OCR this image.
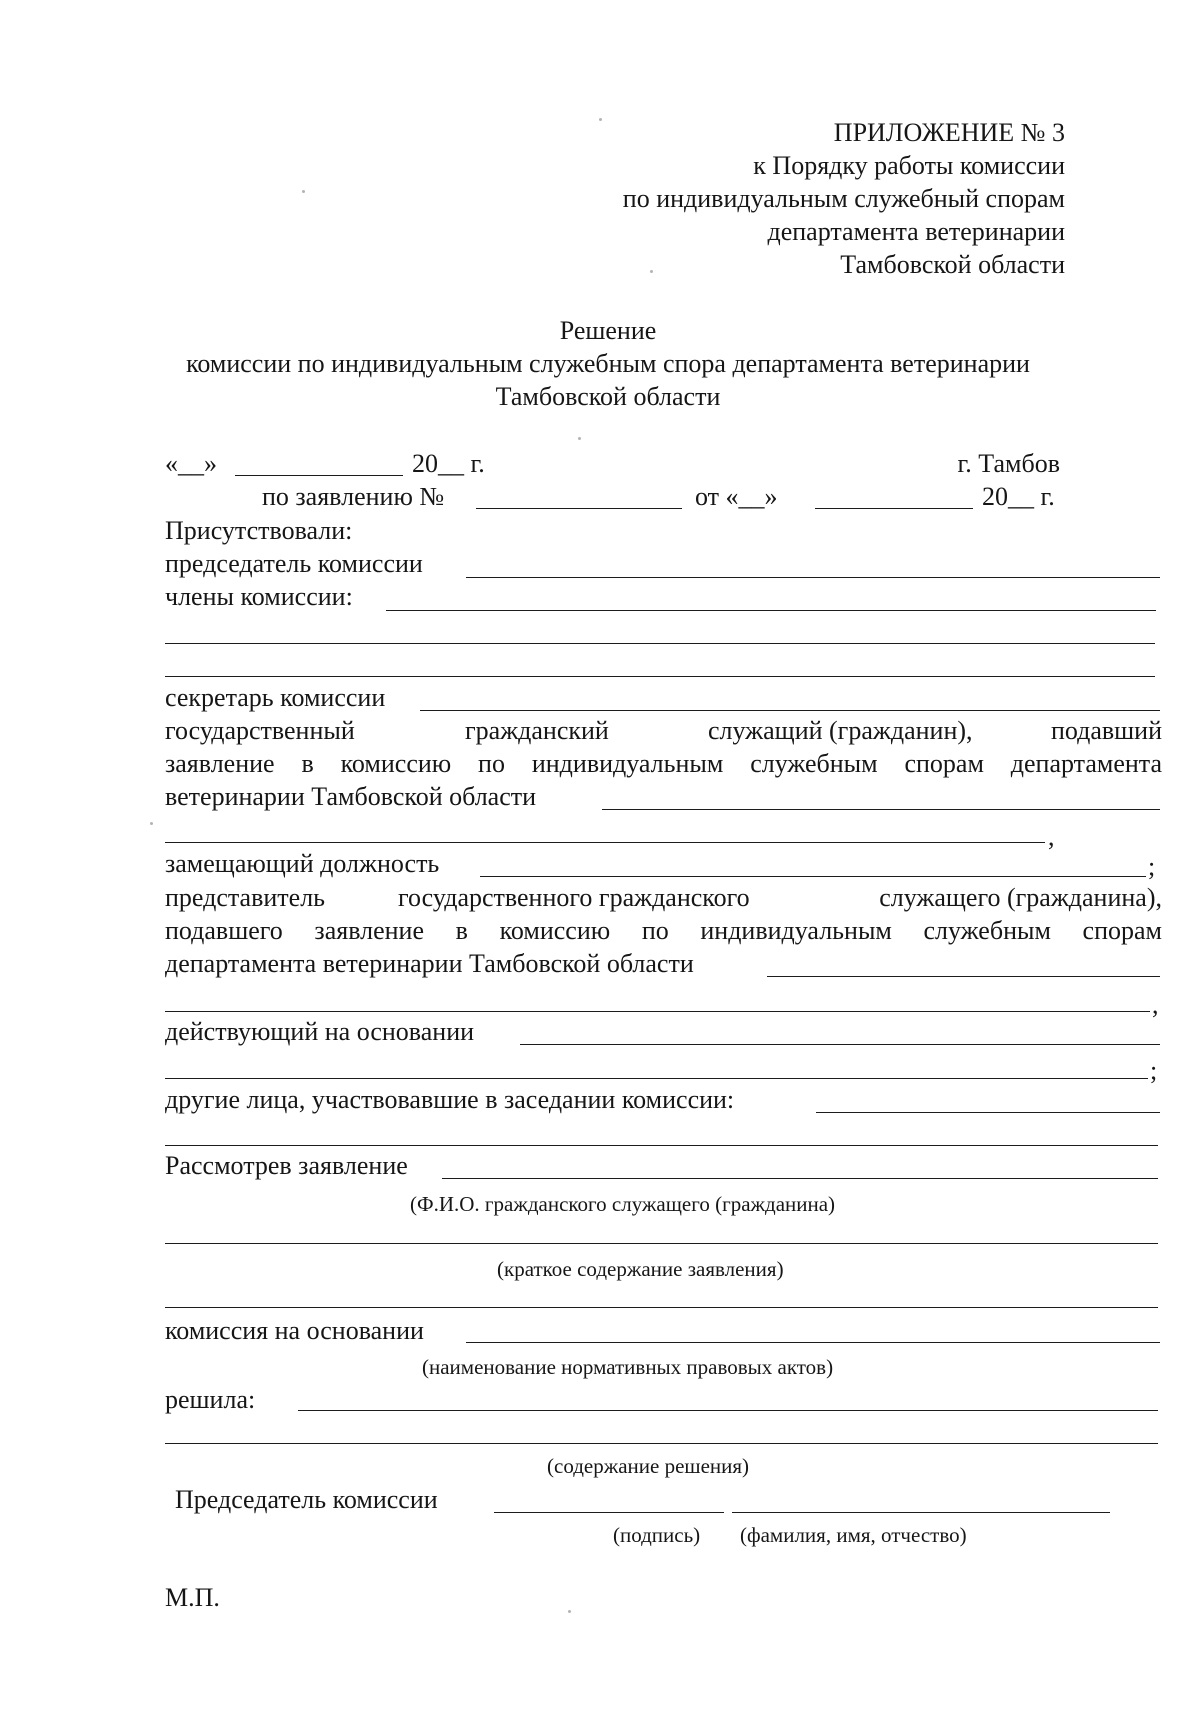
ПРИЛОЖЕНИЕ № 3
к Порядку работы комиссии
по индивидуальным служебный спорам
департамента ветеринарии
Тамбовской области
Решение
комиссии по индивидуальным служебным спора департамента ветеринарии
Тамбовской области
«__»	20__ г.	г. Тамбов
по заявлению №	от «__»	20__ г.
Присутствовали:
председатель комиссии
члены комиссии:
секретарь комиссии
государственный	гражданский	служащий (гражданин),	подавший
заявление в комиссию по индивидуальным служебным спорам департамента
ветеринарии Тамбовской области
,
замещающий должность	;
представитель	государственного гражданского	служащего (гражданина),
подавшего заявление в комиссию по индивидуальным служебным спорам
департамента ветеринарии Тамбовской области
,
действующий на основании
;
другие лица, участвовавшие в заседании комиссии:
Рассмотрев заявление
(Ф.И.О. гражданского служащего (гражданина)
(краткое содержание заявления)
комиссия на основании
(наименование нормативных правовых актов)
решила:
(содержание решения)
Председатель комиссии
(подпись) (фамилия, имя, отчество)
М.П.
